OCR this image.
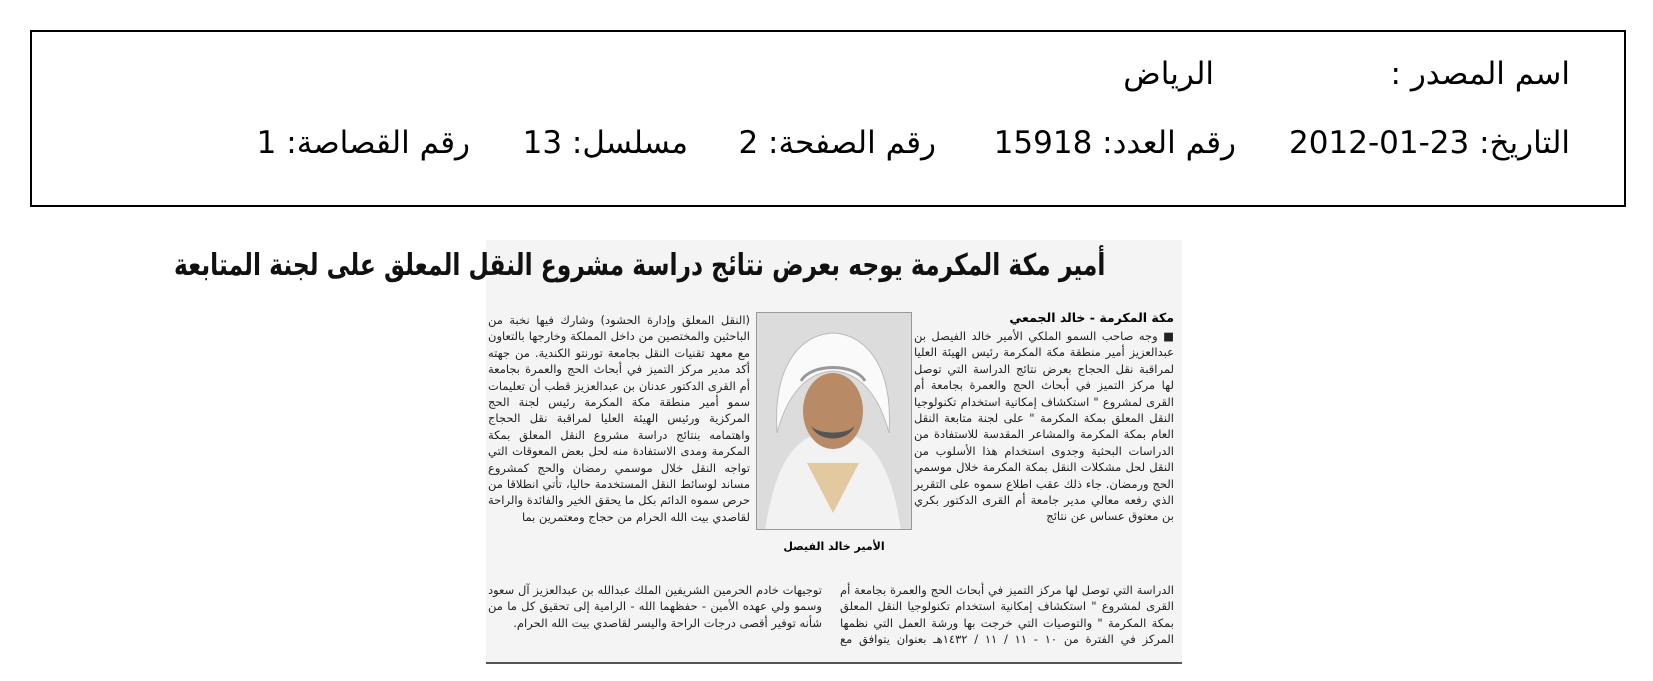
اسم المصدر :
الرياض
التاريخ: 23-01-2012
رقم العدد: 15918
رقم الصفحة: 2
مسلسل: 13
رقم القصاصة: 1
أمير مكة المكرمة يوجه بعرض نتائج دراسة مشروع النقل المعلق على لجنة المتابعة
مكة المكرمة - خالد الجمعي
■ وجه صاحب السمو الملكي الأمير خالد الفيصل بن عبدالعزيز أمير منطقة مكة المكرمة رئيس الهيئة العليا لمراقبة نقل الحجاج بعرض نتائج الدراسة التي توصل لها مركز التميز في أبحاث الحج والعمرة بجامعة أم القرى لمشروع " استكشاف إمكانية استخدام تكنولوجيا النقل المعلق بمكة المكرمة " على لجنة متابعة النقل العام بمكة المكرمة والمشاعر المقدسة للاستفادة من الدراسات البحثية وجدوى استخدام هذا الأسلوب من النقل لحل مشكلات النقل بمكة المكرمة خلال موسمي الحج ورمضان. جاء ذلك عقب اطلاع سموه على التقرير الذي رفعه معالي مدير جامعة أم القرى الدكتور بكري بن معتوق عساس عن نتائج
الأمير خالد الفيصل
(النقل المعلق وإدارة الحشود) وشارك فيها نخبة من الباحثين والمختصين من داخل المملكة وخارجها بالتعاون مع معهد تقنيات النقل بجامعة تورنتو الكندية. من جهته أكد مدير مركز التميز في أبحاث الحج والعمرة بجامعة أم القرى الدكتور عدنان بن عبدالعزيز قطب أن تعليمات سمو أمير منطقة مكة المكرمة رئيس لجنة الحج المركزية ورئيس الهيئة العليا لمراقبة نقل الحجاج واهتمامه بنتائج دراسة مشروع النقل المعلق بمكة المكرمة ومدى الاستفادة منه لحل بعض المعوقات التي تواجه النقل خلال موسمي رمضان والحج كمشروع مساند لوسائط النقل المستخدمة حاليا، تأتي انطلاقا من حرص سموه الدائم بكل ما يحقق الخير والفائدة والراحة لقاصدي بيت الله الحرام من حجاج ومعتمرين بما
الدراسة التي توصل لها مركز التميز في أبحاث الحج والعمرة بجامعة أم القرى لمشروع " استكشاف إمكانية استخدام تكنولوجيا النقل المعلق بمكة المكرمة " والتوصيات التي خرجت بها ورشة العمل التي نظمها المركز في الفترة من ١٠ - ١١ / ١١ / ١٤٣٢هـ بعنوان يتوافق مع توجيهات خادم الحرمين الشريفين الملك عبدالله بن عبدالعزيز آل سعود وسمو ولي عهده الأمين - حفظهما الله - الرامية إلى تحقيق كل ما من شأنه توفير أقصى درجات الراحة واليسر لقاصدي بيت الله الحرام.
